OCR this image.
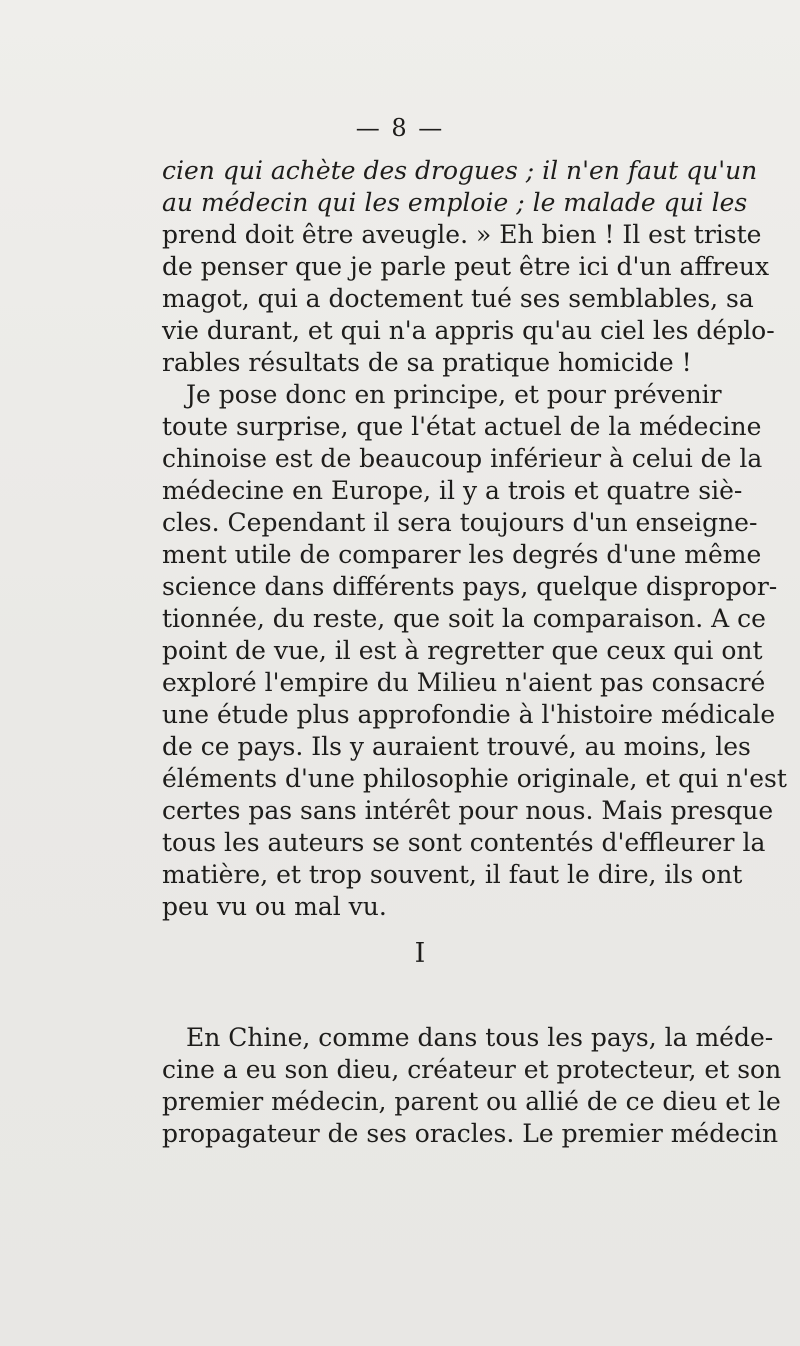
— 8 —
cien qui achète des drogues ; il n'en faut qu'un
au médecin qui les emploie ; le malade qui les
prend doit être aveugle. » Eh bien ! Il est triste
de penser que je parle peut être ici d'un affreux
magot, qui a doctement tué ses semblables, sa
vie durant, et qui n'a appris qu'au ciel les déplo-
rables résultats de sa pratique homicide !
Je pose donc en principe, et pour prévenir
toute surprise, que l'état actuel de la médecine
chinoise est de beaucoup inférieur à celui de la
médecine en Europe, il y a trois et quatre siè-
cles. Cependant il sera toujours d'un enseigne-
ment utile de comparer les degrés d'une même
science dans différents pays, quelque dispropor-
tionnée, du reste, que soit la comparaison. A ce
point de vue, il est à regretter que ceux qui ont
exploré l'empire du Milieu n'aient pas consacré
une étude plus approfondie à l'histoire médicale
de ce pays. Ils y auraient trouvé, au moins, les
éléments d'une philosophie originale, et qui n'est
certes pas sans intérêt pour nous. Mais presque
tous les auteurs se sont contentés d'effleurer la
matière, et trop souvent, il faut le dire, ils ont
peu vu ou mal vu.
I
En Chine, comme dans tous les pays, la méde-
cine a eu son dieu, créateur et protecteur, et son
premier médecin, parent ou allié de ce dieu et le
propagateur de ses oracles. Le premier médecin
